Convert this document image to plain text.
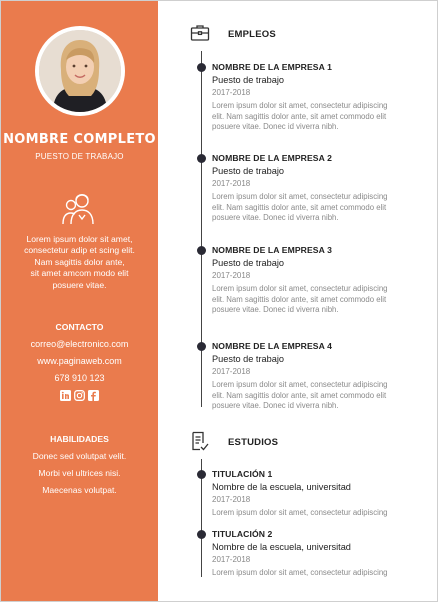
NOMBRE COMPLETO
PUESTO DE TRABAJO
Lorem ipsum dolor sit amet,
consectetur adip et scing elit.
Nam sagittis dolor ante,
sit amet amcom modo elit
posuere vitae.
CONTACTO
correo@electronico.com
www.paginaweb.com
678 910 123
HABILIDADES
Donec sed volutpat velit.
Morbi vel ultrices nisi.
Maecenas volutpat.
EMPLEOS
NOMBRE DE LA EMPRESA 1
Puesto de trabajo
2017-2018
Lorem ipsum dolor sit amet, consectetur adipiscing
elit. Nam sagittis dolor ante, sit amet commodo elit
posuere vitae. Donec id viverra nibh.
NOMBRE DE LA EMPRESA 2
Puesto de trabajo
2017-2018
Lorem ipsum dolor sit amet, consectetur adipiscing
elit. Nam sagittis dolor ante, sit amet commodo elit
posuere vitae. Donec id viverra nibh.
NOMBRE DE LA EMPRESA 3
Puesto de trabajo
2017-2018
Lorem ipsum dolor sit amet, consectetur adipiscing
elit. Nam sagittis dolor ante, sit amet commodo elit
posuere vitae. Donec id viverra nibh.
NOMBRE DE LA EMPRESA 4
Puesto de trabajo
2017-2018
Lorem ipsum dolor sit amet, consectetur adipiscing
elit. Nam sagittis dolor ante, sit amet commodo elit
posuere vitae. Donec id viverra nibh.
ESTUDIOS
TITULACIÓN 1
Nombre de la escuela, universitad
2017-2018
Lorem ipsum dolor sit amet, consectetur adipiscing
TITULACIÓN 2
Nombre de la escuela, universitad
2017-2018
Lorem ipsum dolor sit amet, consectetur adipiscing
